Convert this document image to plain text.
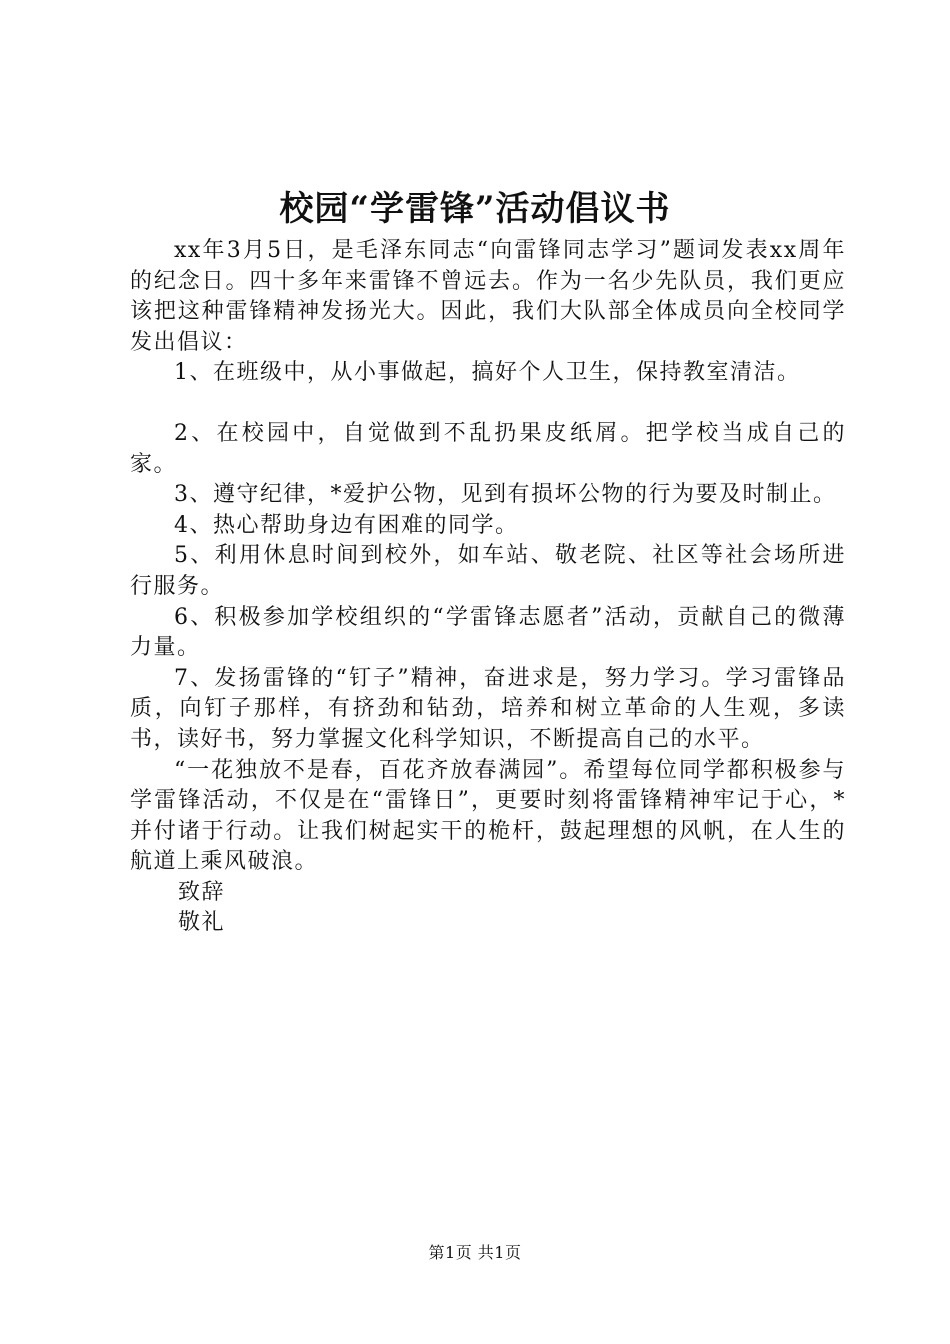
校园“学雷锋”活动倡议书

xx年3月5日，是毛泽东同志“向雷锋同志学习”题词发表xx周年的纪念日。四十多年来雷锋不曾远去。作为一名少先队员，我们更应该把这种雷锋精神发扬光大。因此，我们大队部全体成员向全校同学发出倡议：

1、在班级中，从小事做起，搞好个人卫生，保持教室清洁。

2、在校园中，自觉做到不乱扔果皮纸屑。把学校当成自己的家。

3、遵守纪律，*爱护公物，见到有损坏公物的行为要及时制止。

4、热心帮助身边有困难的同学。

5、利用休息时间到校外，如车站、敬老院、社区等社会场所进行服务。

6、积极参加学校组织的“学雷锋志愿者”活动，贡献自己的微薄力量。

7、发扬雷锋的“钉子”精神，奋进求是，努力学习。学习雷锋品质，向钉子那样，有挤劲和钻劲，培养和树立革命的人生观，多读书，读好书，努力掌握文化科学知识，不断提高自己的水平。

“一花独放不是春，百花齐放春满园”。希望每位同学都积极参与学雷锋活动，不仅是在“雷锋日”，更要时刻将雷锋精神牢记于心，*并付诸于行动。让我们树起实干的桅杆，鼓起理想的风帆，在人生的航道上乘风破浪。

致辞

敬礼

第1页 共1页
